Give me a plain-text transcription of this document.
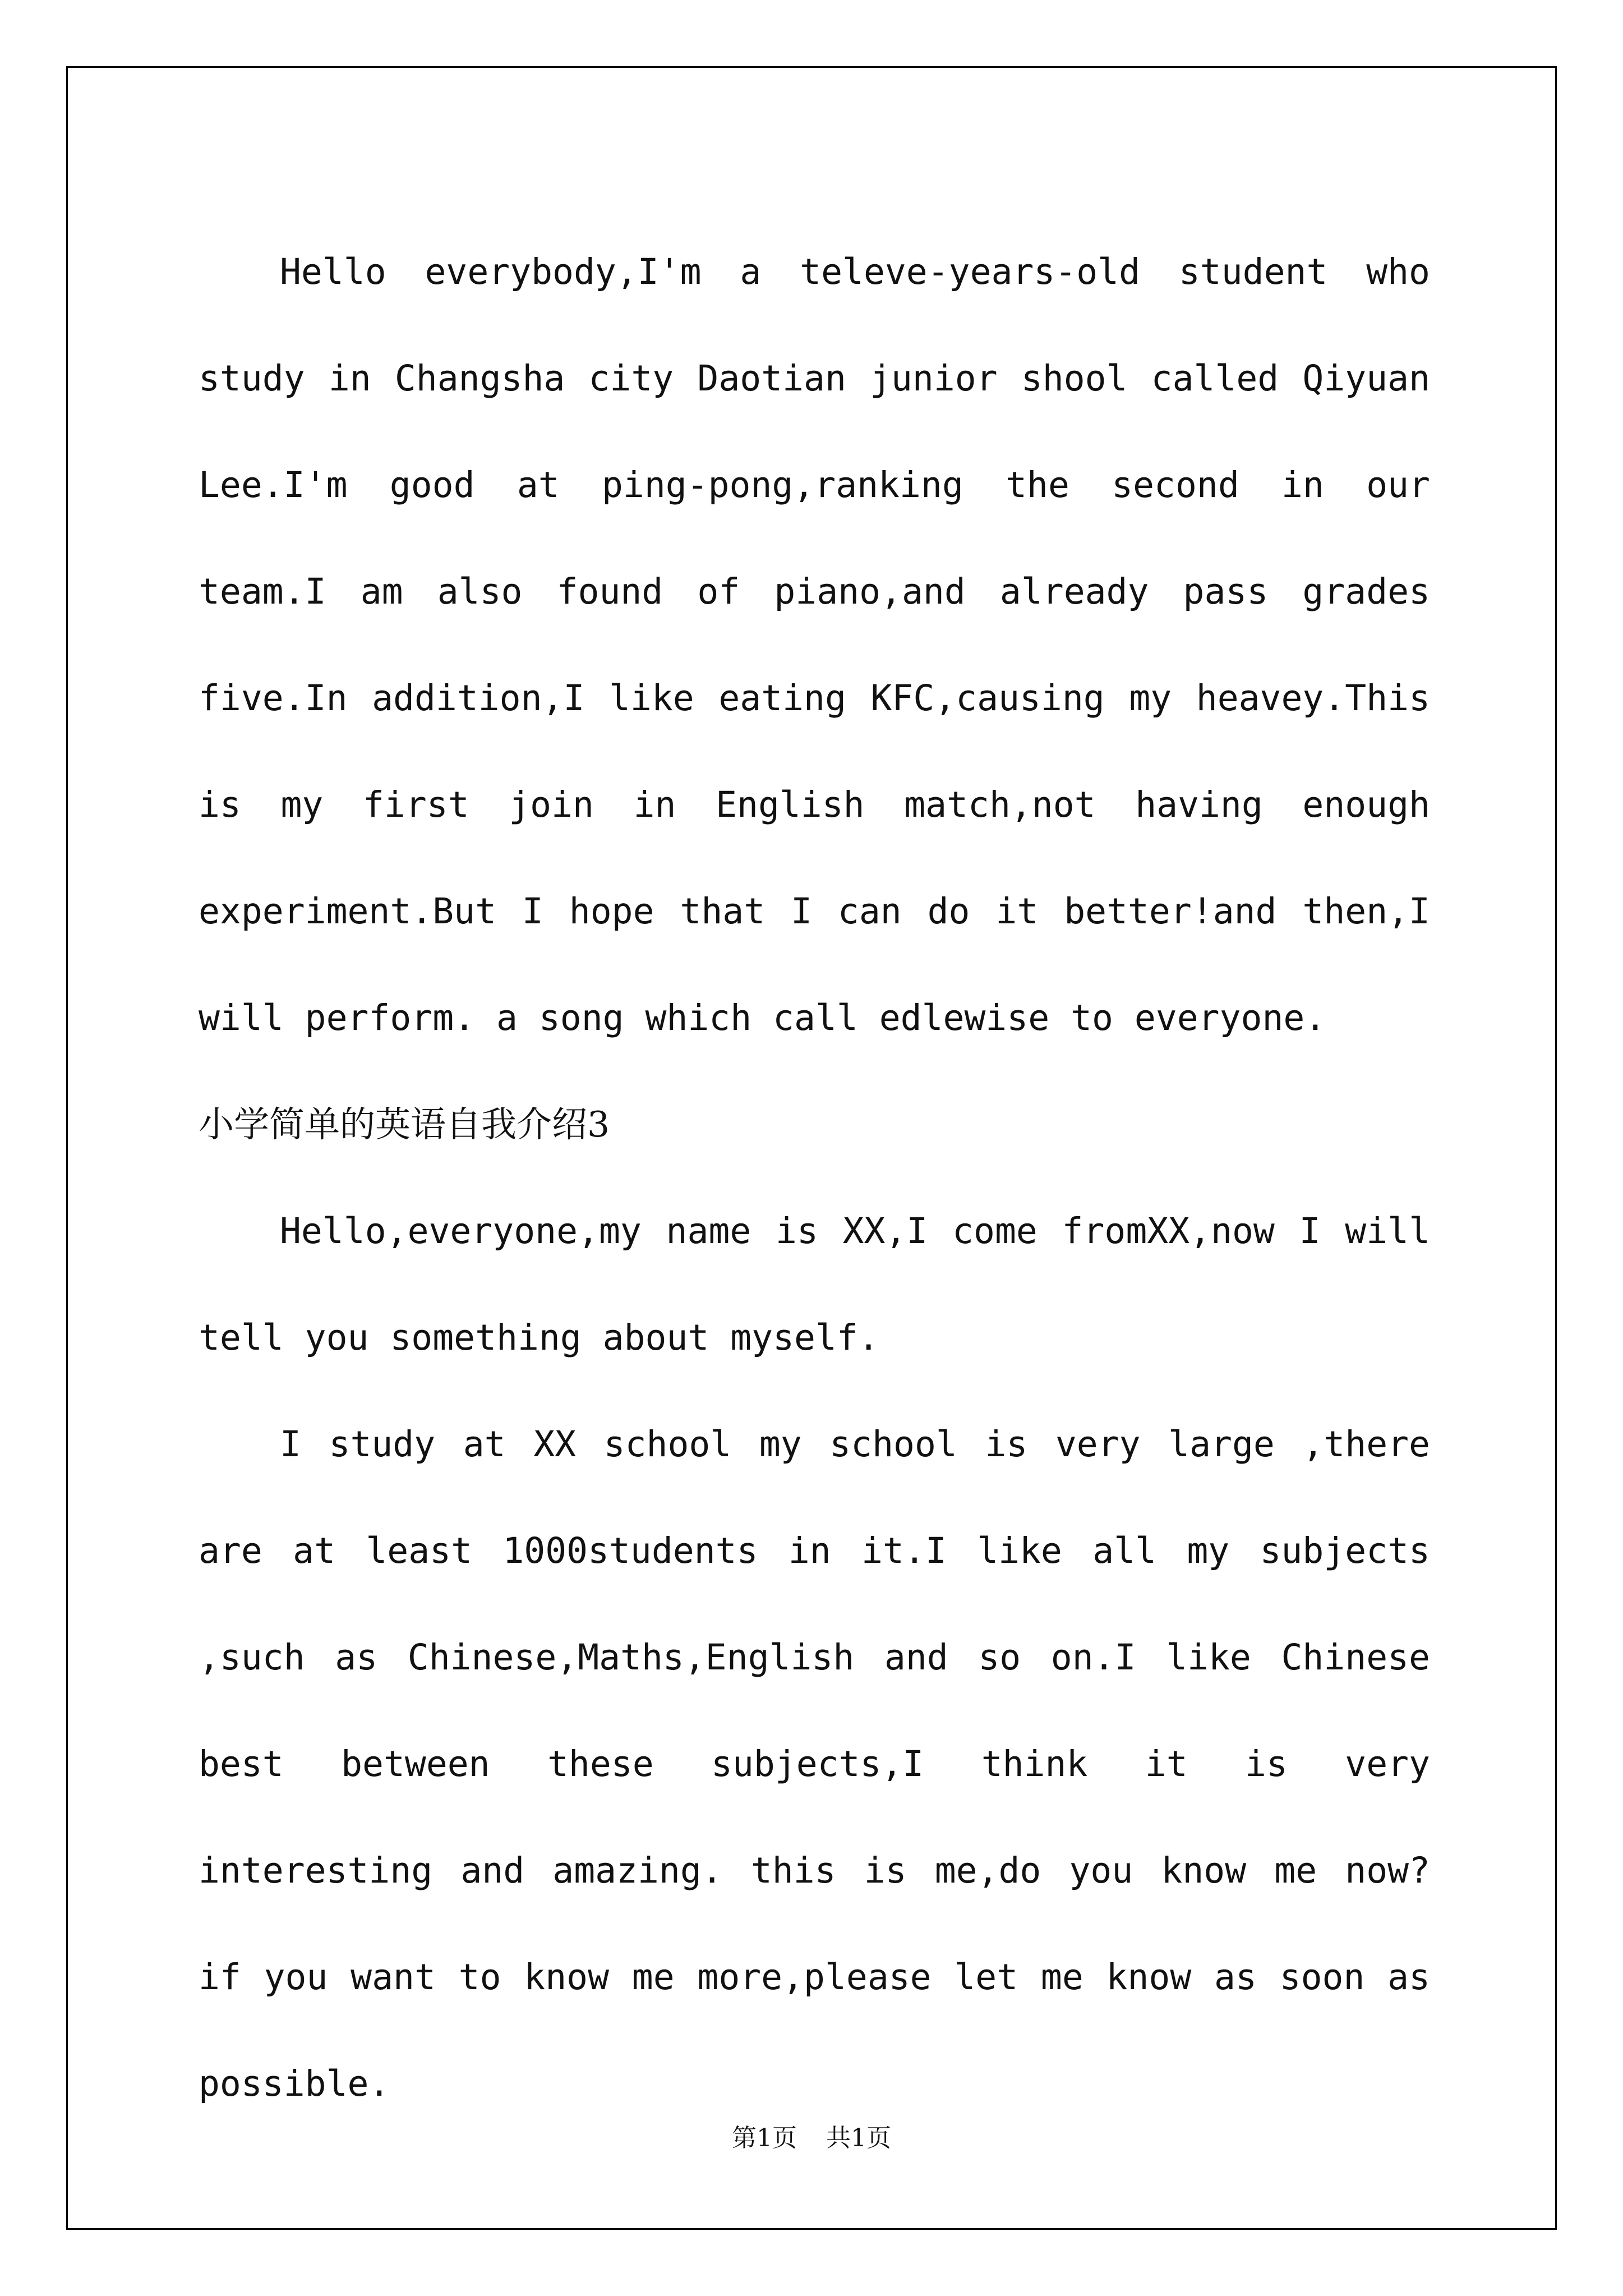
Hello everybody,I'm a televe-years-old student who study in Changsha city Daotian junior shool called Qiyuan Lee.I'm good at ping-pong,ranking the second in our team.I am also found of piano,and already pass grades five.In addition,I like eating KFC,causing my heavey.This is my first join in English match,not having enough experiment.But I hope that I can do it better!and then,I will perform. a song which call edlewise to everyone.

小学简单的英语自我介绍3

Hello,everyone,my name is XX,I come fromXX,now I will tell you something about myself.

I study at XX school my school is very large ,there are at least 1000students in it.I like all my subjects ,such as Chinese,Maths,English and so on.I like Chinese best between these subjects,I think it is very interesting and amazing. this is me,do you know me now? if you want to know me more,please let me know as soon as possible.

第1页 共1页
